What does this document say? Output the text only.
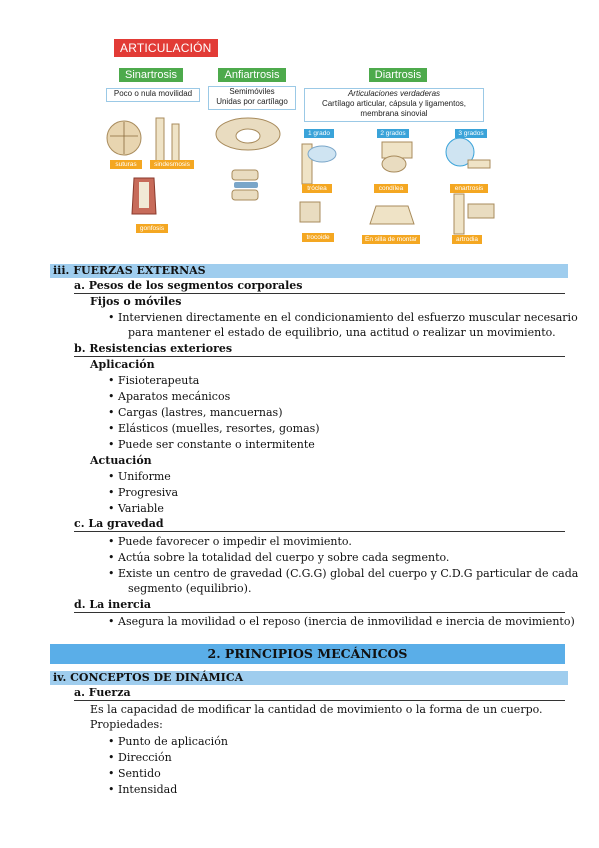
ARTICULACIÓN
Sinartrosis	Anfiartrosis	Diartrosis
Poco o nula movilidad	Semimóviles
Unidas por cartílago
Articulaciones verdaderas
Cartílago articular, cápsula y ligamentos,
membrana sinovial
1 grado	2 grados	3 grados
suturas	sindesmosis
gonfosis
tróclea	condílea	enartrosis
trocoide	En silla de montar	artrodia
iii. FUERZAS EXTERNAS
a. Pesos de los segmentos corporales
Fijos o móviles
• Intervienen directamente en el condicionamiento del esfuerzo muscular necesario
para mantener el estado de equilibrio, una actitud o realizar un movimiento.
b. Resistencias exteriores
Aplicación
• Fisioterapeuta
• Aparatos mecánicos
• Cargas (lastres, mancuernas)
• Elásticos (muelles, resortes, gomas)
• Puede ser constante o intermitente
Actuación
• Uniforme
• Progresiva
• Variable
c. La gravedad
• Puede favorecer o impedir el movimiento.
• Actúa sobre la totalidad del cuerpo y sobre cada segmento.
• Existe un centro de gravedad (C.G.G) global del cuerpo y C.D.G particular de cada
segmento (equilibrio).
d. La inercia
• Asegura la movilidad o el reposo (inercia de inmovilidad e inercia de movimiento)
2. PRINCIPIOS MECÁNICOS
iv. CONCEPTOS DE DINÁMICA
a. Fuerza
Es la capacidad de modificar la cantidad de movimiento o la forma de un cuerpo.
Propiedades:
• Punto de aplicación
• Dirección
• Sentido
• Intensidad
